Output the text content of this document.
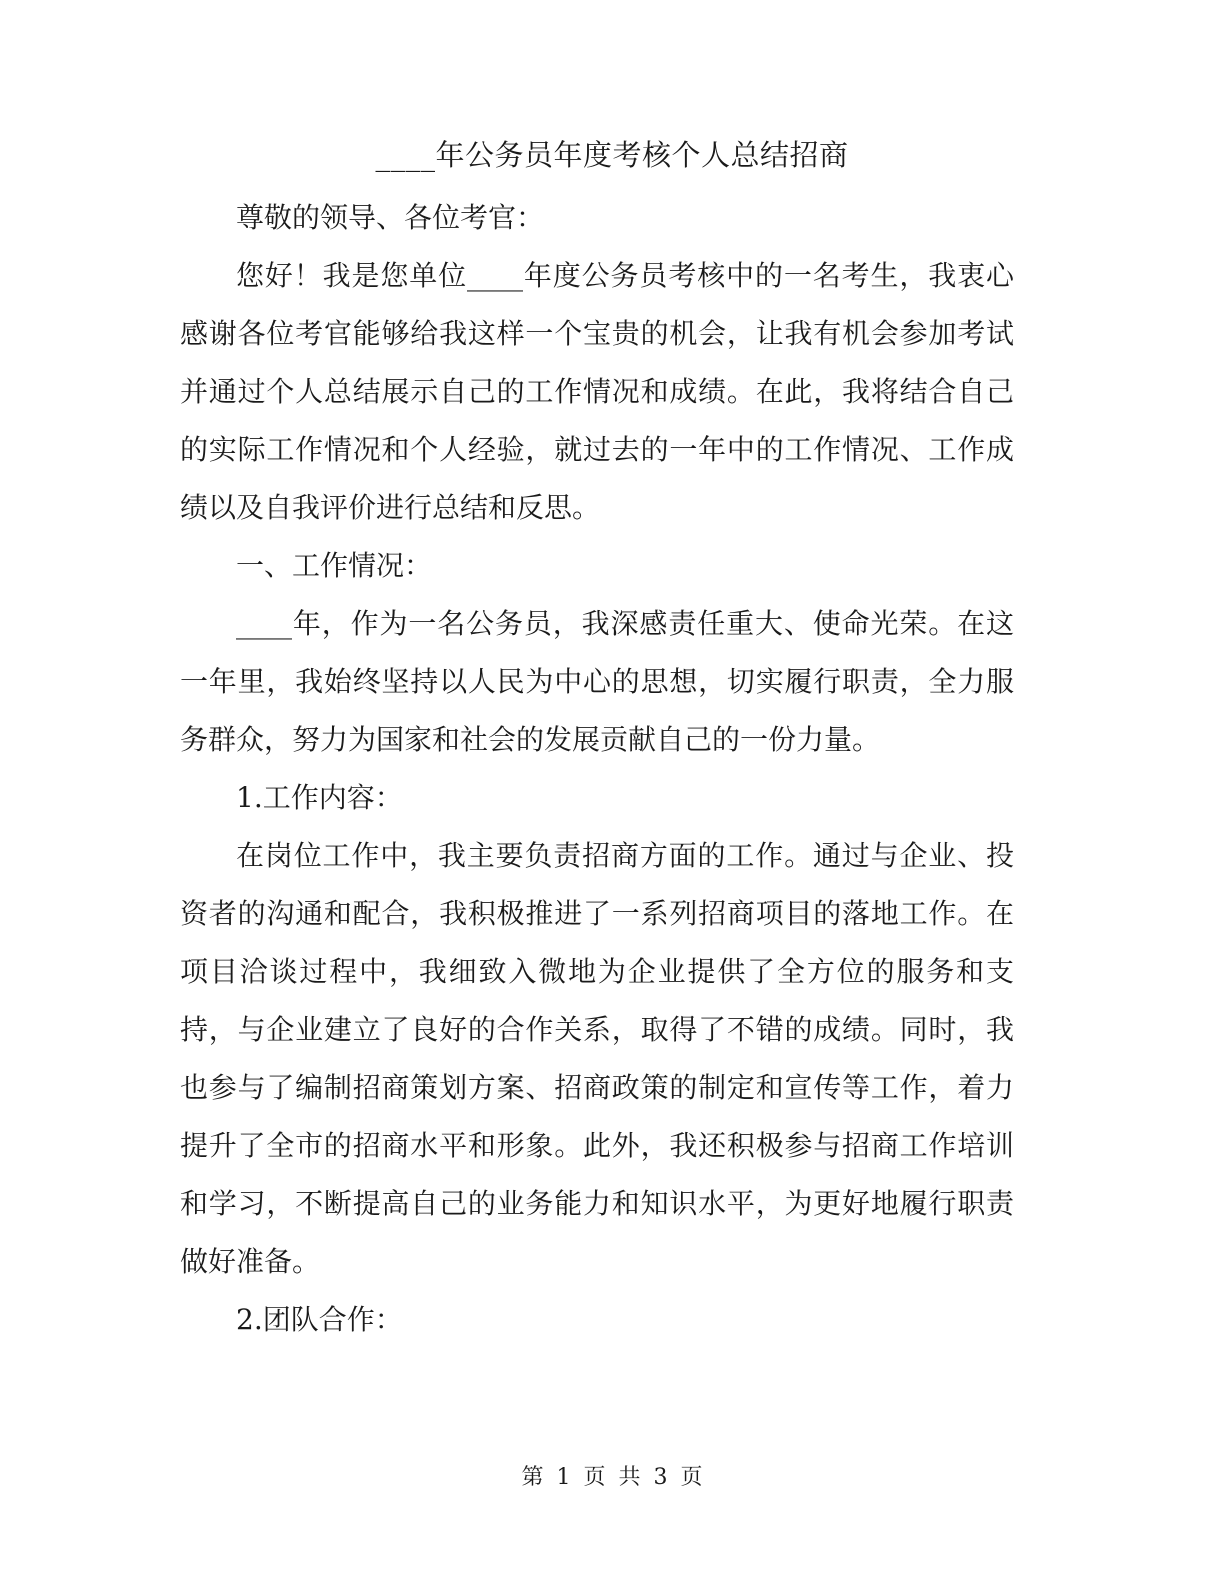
____年公务员年度考核个人总结招商

尊敬的领导、各位考官：

您好！我是您单位____年度公务员考核中的一名考生，我衷心感谢各位考官能够给我这样一个宝贵的机会，让我有机会参加考试并通过个人总结展示自己的工作情况和成绩。在此，我将结合自己的实际工作情况和个人经验，就过去的一年中的工作情况、工作成绩以及自我评价进行总结和反思。

一、工作情况：

____年，作为一名公务员，我深感责任重大、使命光荣。在这一年里，我始终坚持以人民为中心的思想，切实履行职责，全力服务群众，努力为国家和社会的发展贡献自己的一份力量。

1.工作内容：

在岗位工作中，我主要负责招商方面的工作。通过与企业、投资者的沟通和配合，我积极推进了一系列招商项目的落地工作。在项目洽谈过程中，我细致入微地为企业提供了全方位的服务和支持，与企业建立了良好的合作关系，取得了不错的成绩。同时，我也参与了编制招商策划方案、招商政策的制定和宣传等工作，着力提升了全市的招商水平和形象。此外，我还积极参与招商工作培训和学习，不断提高自己的业务能力和知识水平，为更好地履行职责做好准备。

2.团队合作：

第 1 页 共 3 页
